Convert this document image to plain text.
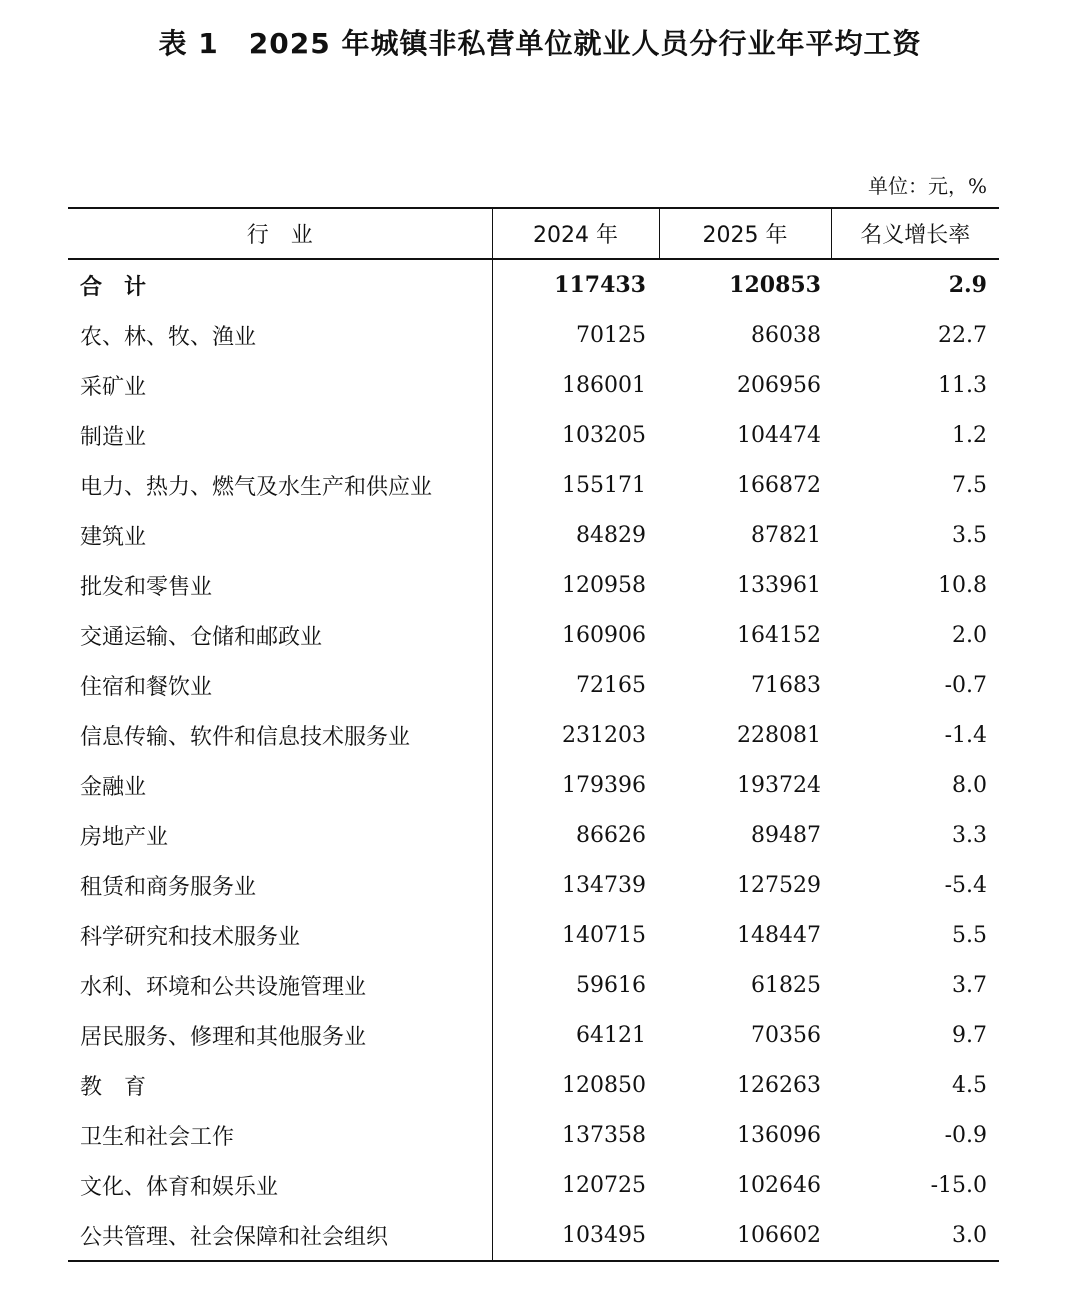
表 1 2025 年城镇非私营单位就业人员分行业年平均工资
单位：元，%
行　业	2024 年	2025 年	名义增长率
合　计	117433	120853	2.9
农、林、牧、渔业	70125	86038	22.7
采矿业	186001	206956	11.3
制造业	103205	104474	1.2
电力、热力、燃气及水生产和供应业	155171	166872	7.5
建筑业	84829	87821	3.5
批发和零售业	120958	133961	10.8
交通运输、仓储和邮政业	160906	164152	2.0
住宿和餐饮业	72165	71683	-0.7
信息传输、软件和信息技术服务业	231203	228081	-1.4
金融业	179396	193724	8.0
房地产业	86626	89487	3.3
租赁和商务服务业	134739	127529	-5.4
科学研究和技术服务业	140715	148447	5.5
水利、环境和公共设施管理业	59616	61825	3.7
居民服务、修理和其他服务业	64121	70356	9.7
教　育	120850	126263	4.5
卫生和社会工作	137358	136096	-0.9
文化、体育和娱乐业	120725	102646	-15.0
公共管理、社会保障和社会组织	103495	106602	3.0
